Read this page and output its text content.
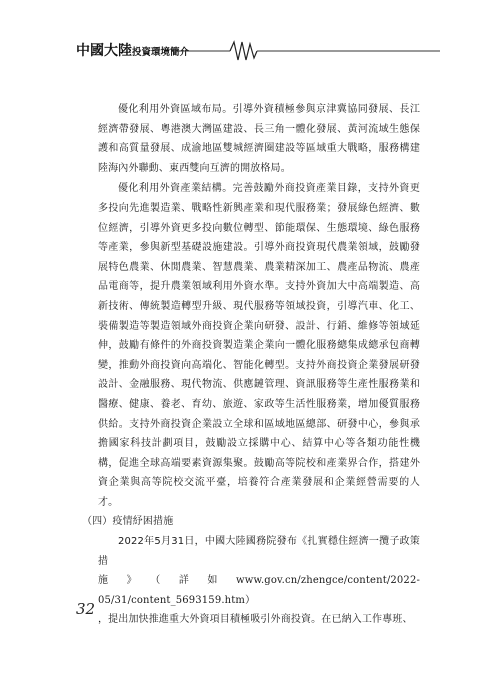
中國大陸投資環境簡介

優化利用外資區域布局。引導外資積極參與京津冀協同發展、長江經濟帶發展、粵港澳大灣區建設、長三角一體化發展、黃河流域生態保護和高質量發展、成渝地區雙城經濟圈建設等區域重大戰略，服務構建陸海內外聯動、東西雙向互濟的開放格局。

優化利用外資產業結構。完善鼓勵外商投資產業目錄，支持外資更多投向先進製造業、戰略性新興產業和現代服務業；發展綠色經濟、數位經濟，引導外資更多投向數位轉型、節能環保、生態環境、綠色服務等產業，參與新型基礎設施建設。引導外商投資現代農業領域，鼓勵發展特色農業、休閒農業、智慧農業、農業精深加工、農產品物流、農產品電商等，提升農業領域利用外資水準。支持外資加大中高端製造、高新技術、傳統製造轉型升級、現代服務等領域投資，引導汽車、化工、裝備製造等製造領域外商投資企業向研發、設計、行銷、維修等領域延伸，鼓勵有條件的外商投資製造業企業向一體化服務總集成總承包商轉變，推動外商投資向高端化、智能化轉型。支持外商投資企業發展研發設計、金融服務、現代物流、供應鏈管理、資訊服務等生產性服務業和醫療、健康、養老、育幼、旅遊、家政等生活性服務業，增加優質服務供給。支持外商投資企業設立全球和區域地區總部、研發中心，參與承擔國家科技計劃項目，鼓勵設立採購中心、結算中心等各類功能性機構，促進全球高端要素資源集聚。鼓勵高等院校和產業界合作，搭建外資企業與高等院校交流平臺，培養符合產業發展和企業經營需要的人才。

（四）疫情紓困措施

2022年5月31日，中國大陸國務院發布《扎實穩住經濟一攬子政策措

施》（詳如www.gov.cn/zhengce/content/2022-05/31/content_5693159.htm）

，提出加快推進重大外資項目積極吸引外商投資。在已納入工作專班、

32
